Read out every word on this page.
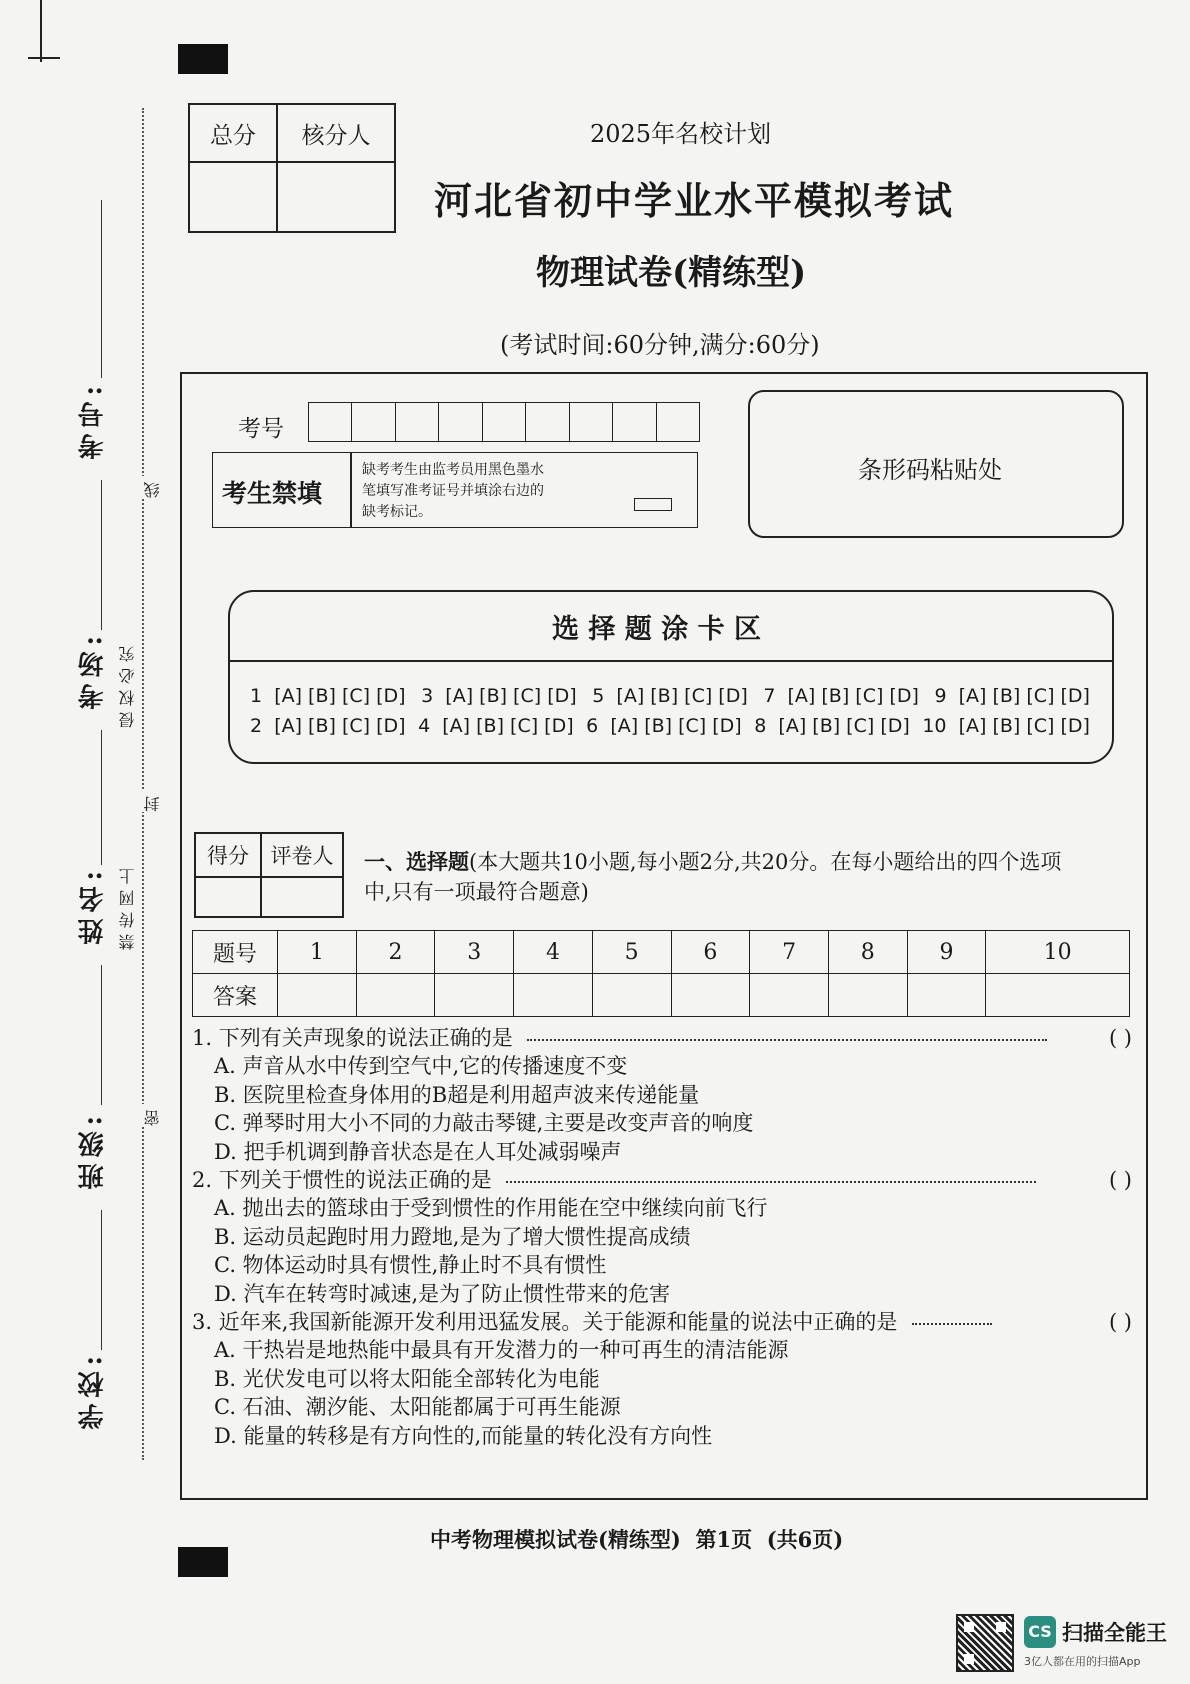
考号:
考场:
姓名:
班级:
学校:
线
侵权必究
封
禁传网上
密
总分	核分人
		2025年名校计划
河北省初中学业水平模拟考试
物理试卷(精练型)
(考试时间:60分钟,满分:60分)
考号
考生禁填
缺考考生由监考员用黑色墨水
笔填写准考证号并填涂右边的
缺考标记。
条形码粘贴处
选 择 题 涂 卡 区
1 [A] [B] [C] [D] 3 [A] [B] [C] [D] 5 [A] [B] [C] [D] 7 [A] [B] [C] [D] 9 [A] [B] [C] [D]
2 [A] [B] [C] [D] 4 [A] [B] [C] [D] 6 [A] [B] [C] [D] 8 [A] [B] [C] [D] 10 [A] [B] [C] [D]
得分	评卷人
	一、选择题(本大题共10小题,每小题2分,共20分。在每小题给出的四个选项
中,只有一项最符合题意)
题号	1	2	3	4	5	6	7	8	9	10
答案										
1. 下列有关声现象的说法正确的是	( )
A. 声音从水中传到空气中,它的传播速度不变
B. 医院里检查身体用的B超是利用超声波来传递能量
C. 弹琴时用大小不同的力敲击琴键,主要是改变声音的响度
D. 把手机调到静音状态是在人耳处减弱噪声
2. 下列关于惯性的说法正确的是	( )
A. 抛出去的篮球由于受到惯性的作用能在空中继续向前飞行
B. 运动员起跑时用力蹬地,是为了增大惯性提高成绩
C. 物体运动时具有惯性,静止时不具有惯性
D. 汽车在转弯时减速,是为了防止惯性带来的危害
3. 近年来,我国新能源开发利用迅猛发展。关于能源和能量的说法中正确的是	( )
A. 干热岩是地热能中最具有开发潜力的一种可再生的清洁能源
B. 光伏发电可以将太阳能全部转化为电能
C. 石油、潮汐能、太阳能都属于可再生能源
D. 能量的转移是有方向性的,而能量的转化没有方向性
中考物理模拟试卷(精练型)  第1页  (共6页)
CS 扫描全能王
3亿人都在用的扫描App
